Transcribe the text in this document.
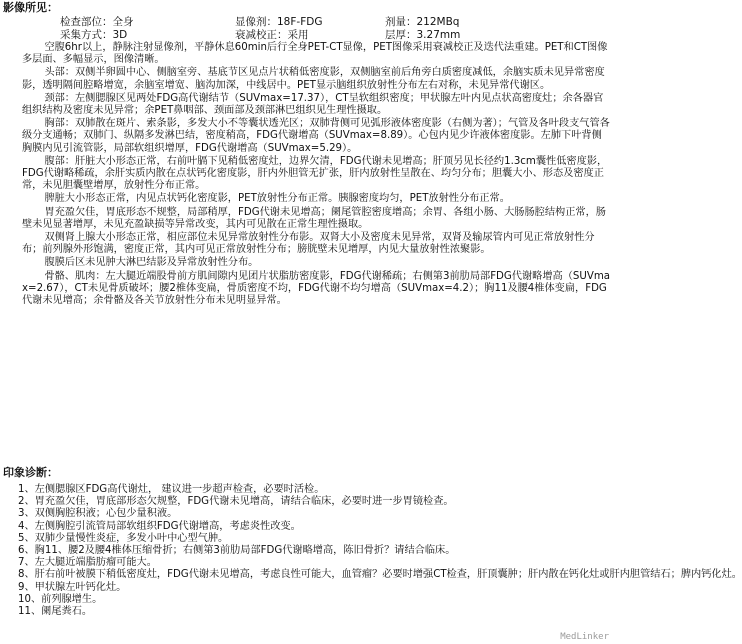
影像所见：
检查部位：全身	显像剂：18F-FDG	剂量：212MBq
采集方式：3D	衰减校正：采用	层厚：3.27mm

空腹6hr以上，静脉注射显像剂，平静休息60min后行全身PET-CT显像，PET图像采用衰减校正及迭代法重建。PET和CT图像多层面、多幅显示，图像清晰。

头部：双侧半卵圆中心、侧脑室旁、基底节区见点片状稍低密度影，双侧脑室前后角旁白质密度减低，余脑实质未见异常密度影，透明隔间腔略增宽，余脑室增宽、脑沟加深，中线居中。PET显示脑组织放射性分布左右对称，未见异常代谢区。

颈部：左侧腮腺区见两处FDG高代谢结节（SUVmax=17.37），CT呈软组织密度；甲状腺左叶内见点状高密度灶；余各器官组织结构及密度未见异常；余PET鼻咽部、颈面部及颈部淋巴组织见生理性摄取。

胸部：双肺散在斑片、索条影，多发大小不等囊状透光区；双肺背侧可见弧形液体密度影（右侧为著）；气管及各叶段支气管各级分支通畅；双肺门、纵隔多发淋巴结，密度稍高，FDG代谢增高（SUVmax=8.89）。心包内见少许液体密度影。左肺下叶背侧胸膜内见引流管影，局部软组织增厚，FDG代谢增高（SUVmax=5.29）。

腹部：肝脏大小形态正常，右前叶膈下见稍低密度灶，边界欠清，FDG代谢未见增高；肝顶另见长径约1.3cm囊性低密度影，FDG代谢略稀疏，余肝实质内散在点状钙化密度影，肝内外胆管无扩张，肝内放射性呈散在、均匀分布；胆囊大小、形态及密度正常，未见胆囊壁增厚，放射性分布正常。

脾脏大小形态正常，内见点状钙化密度影，PET放射性分布正常。胰腺密度均匀，PET放射性分布正常。

胃充盈欠佳，胃底形态不规整，局部稍厚，FDG代谢未见增高；阑尾管腔密度增高；余胃、各组小肠、大肠肠腔结构正常，肠壁未见显著增厚，未见充盈缺损等异常改变，其内可见散在正常生理性摄取。

双侧肾上腺大小形态正常，相应部位未见异常放射性分布影。双肾大小及密度未见异常，双肾及输尿管内可见正常放射性分布；前列腺外形饱满，密度正常，其内可见正常放射性分布；膀胱壁未见增厚，内见大量放射性浓聚影。

腹膜后区未见肿大淋巴结影及异常放射性分布。

骨骼、肌肉：左大腿近端股骨前方肌间隙内见团片状脂肪密度影，FDG代谢稀疏；右侧第3前肋局部FDG代谢略增高（SUVmax=2.67），CT未见骨质破坏；腰2椎体变扁，骨质密度不均，FDG代谢不均匀增高（SUVmax=4.2）；胸11及腰4椎体变扁，FDG代谢未见增高；余骨骼及各关节放射性分布未见明显异常。

印象诊断：
1、左侧腮腺区FDG高代谢灶， 建议进一步超声检查，必要时活检。
2、胃充盈欠佳，胃底部形态欠规整，FDG代谢未见增高，请结合临床，必要时进一步胃镜检查。
3、双侧胸腔积液；心包少量积液。
4、左侧胸腔引流管局部软组织FDG代谢增高，考虑炎性改变。
5、双肺少量慢性炎症，多发小叶中心型气肿。
6、胸11、腰2及腰4椎体压缩骨折；右侧第3前肋局部FDG代谢略增高，陈旧骨折？请结合临床。
7、左大腿近端脂肪瘤可能大。
8、肝右前叶被膜下稍低密度灶，FDG代谢未见增高，考虑良性可能大，血管瘤？必要时增强CT检查，肝顶囊肿；肝内散在钙化灶或肝内胆管结石；脾内钙化灶。
9、甲状腺左叶钙化灶。
10、前列腺增生。
11、阑尾粪石。
MedLinker
